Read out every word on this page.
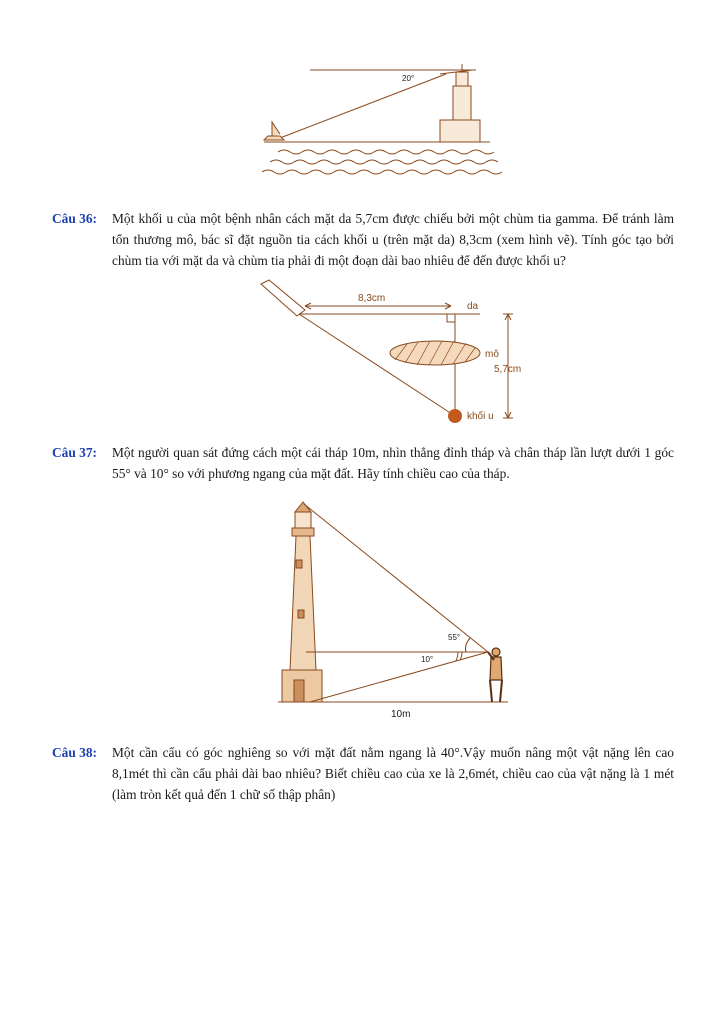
20°
Câu 36: Một khối u của một bệnh nhân cách mặt da 5,7cm được chiếu bởi một chùm tia gamma. Để tránh làm tổn thương mô, bác sĩ đặt nguồn tia cách khối u (trên mặt da) 8,3cm (xem hình vẽ). Tính góc tạo bởi chùm tia với mặt da và chùm tia phải đi một đoạn dài bao nhiêu để đến được khối u?
8,3cm
da
mô
5,7cm
khối u
Câu 37: Một người quan sát đứng cách một cái tháp 10m, nhìn thẳng đỉnh tháp và chân tháp lần lượt dưới 1 góc 55° và 10° so với phương ngang của mặt đất. Hãy tính chiều cao của tháp.
55°
10°
10m
Câu 38: Một cần cẩu có góc nghiêng so với mặt đất nằm ngang là 40°.Vậy muốn nâng một vật nặng lên cao 8,1mét thì cần cẩu phải dài bao nhiêu? Biết chiều cao của xe là 2,6mét, chiều cao của vật nặng là 1 mét (làm tròn kết quả đến 1 chữ số thập phân)
